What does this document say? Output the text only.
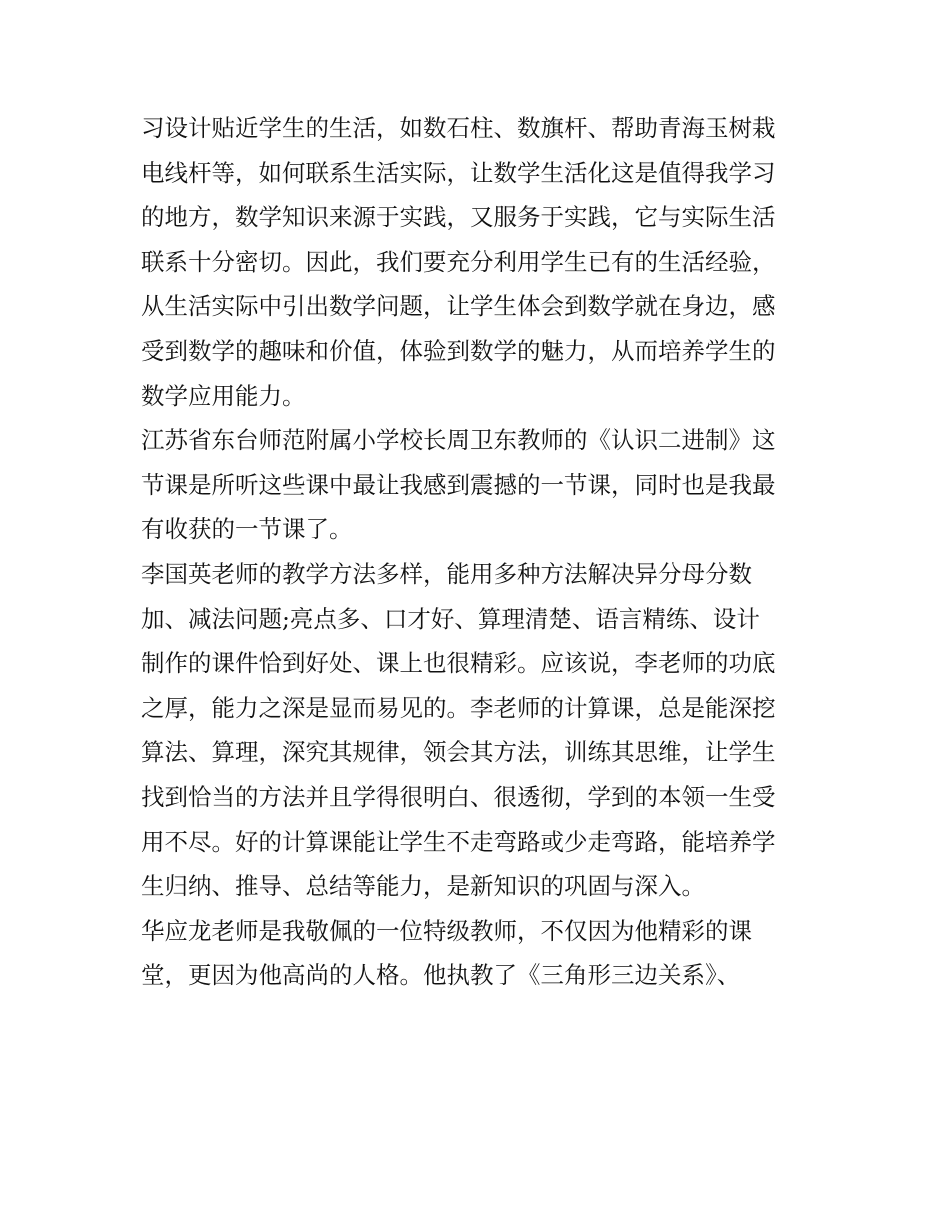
习设计贴近学生的生活，如数石柱、数旗杆、帮助青海玉树栽
电线杆等，如何联系生活实际，让数学生活化这是值得我学习
的地方，数学知识来源于实践，又服务于实践，它与实际生活
联系十分密切。因此，我们要充分利用学生已有的生活经验，
从生活实际中引出数学问题，让学生体会到数学就在身边，感
受到数学的趣味和价值，体验到数学的魅力，从而培养学生的
数学应用能力。
江苏省东台师范附属小学校长周卫东教师的《认识二进制》这
节课是所听这些课中最让我感到震撼的一节课，同时也是我最
有收获的一节课了。
李国英老师的教学方法多样，能用多种方法解决异分母分数
加、减法问题;亮点多、口才好、算理清楚、语言精练、设计
制作的课件恰到好处、课上也很精彩。应该说，李老师的功底
之厚，能力之深是显而易见的。李老师的计算课，总是能深挖
算法、算理，深究其规律，领会其方法，训练其思维，让学生
找到恰当的方法并且学得很明白、很透彻，学到的本领一生受
用不尽。好的计算课能让学生不走弯路或少走弯路，能培养学
生归纳、推导、总结等能力，是新知识的巩固与深入。
华应龙老师是我敬佩的一位特级教师，不仅因为他精彩的课
堂，更因为他高尚的人格。他执教了《三角形三边关系》、
